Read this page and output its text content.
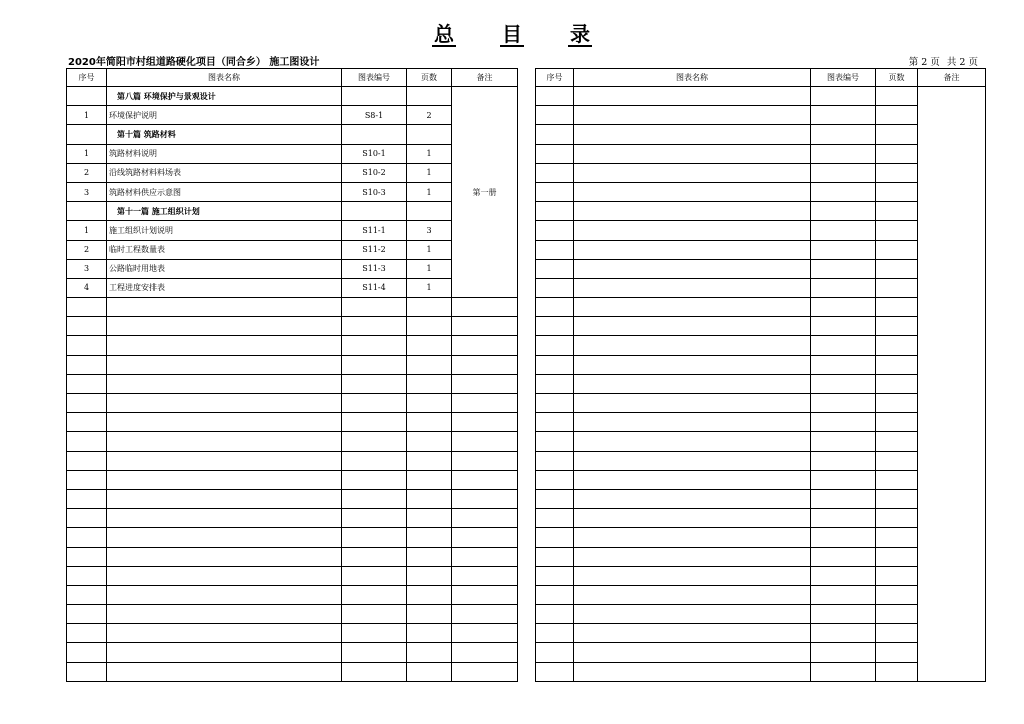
总 目 录
2020年简阳市村组道路硬化项目（同合乡） 施工图设计	第 2 页 共 2 页
序号	图表名称	图表编号	页数	备注
	第八篇 环境保护与景观设计			第一册
1	环境保护说明	S8-1	2	
	第十篇 筑路材料			
1	筑路材料说明	S10-1	1	
2	沿线筑路材料料场表	S10-2	1	
3	筑路材料供应示意图	S10-3	1	
	第十一篇 施工组织计划			
1	施工组织计划说明	S11-1	3	
2	临时工程数量表	S11-2	1	
3	公路临时用地表	S11-3	1	
4	工程进度安排表	S11-4	1	

序号	图表名称	图表编号	页数	备注
